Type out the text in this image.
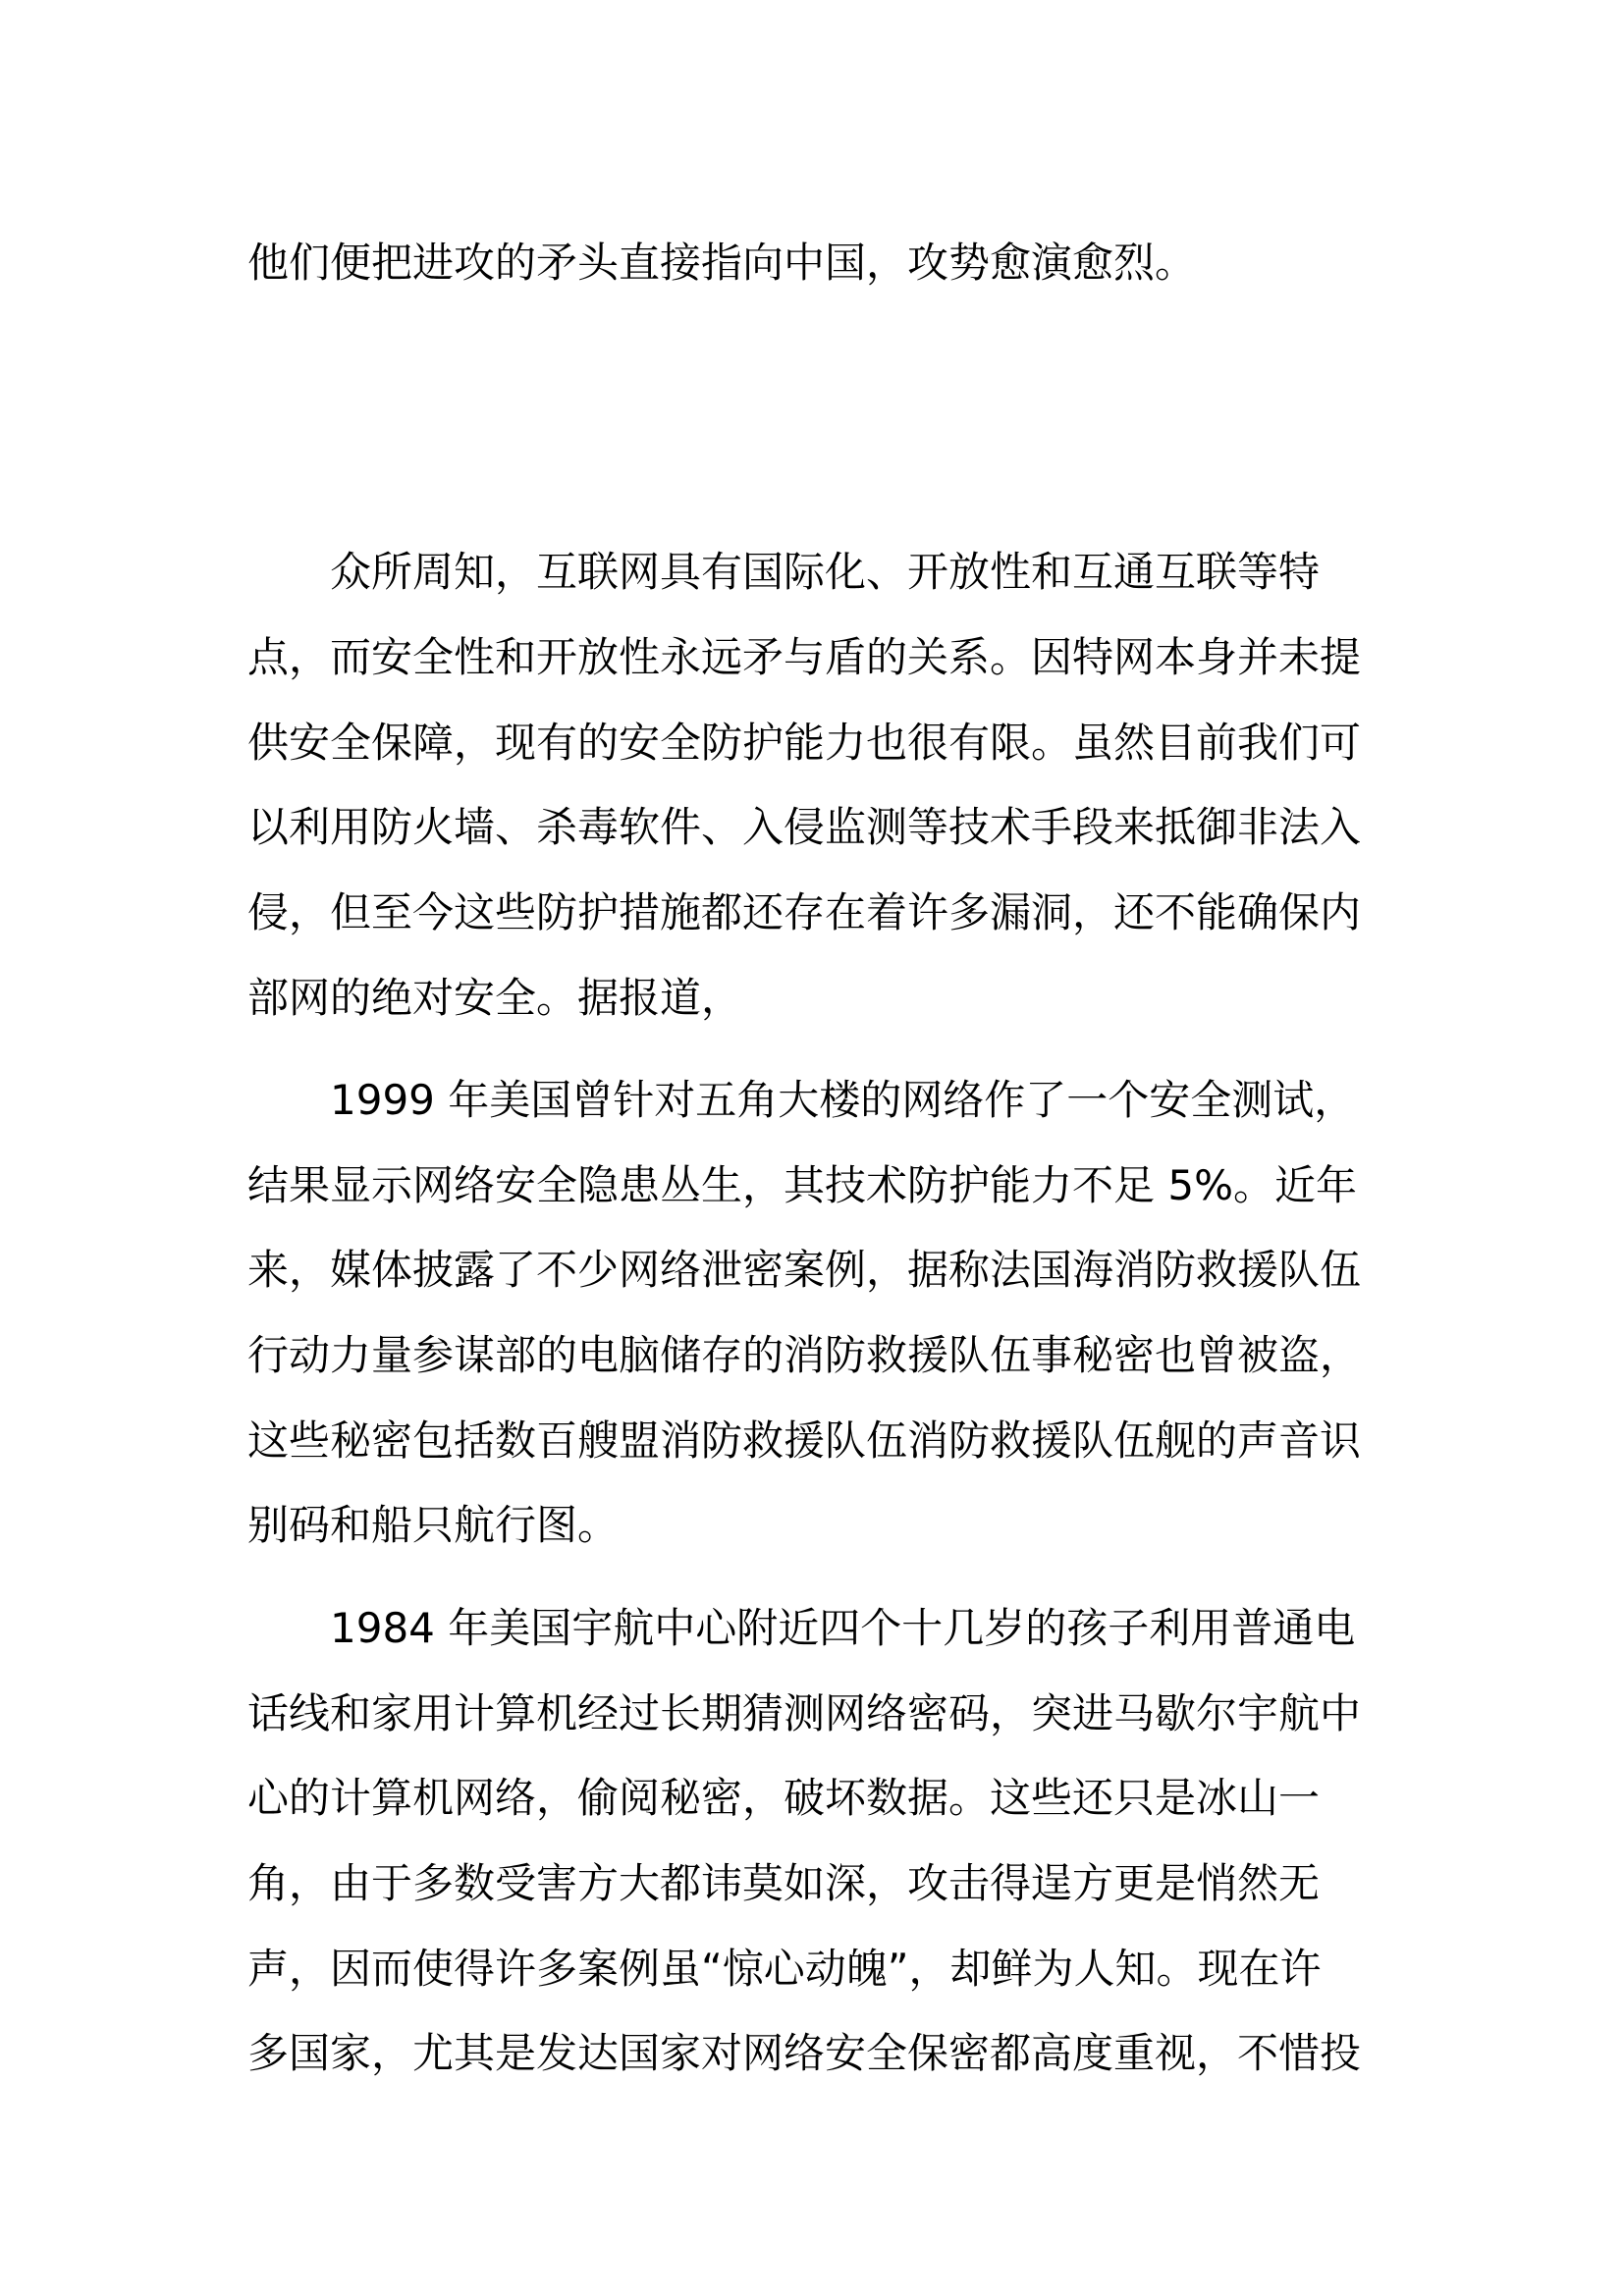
他们便把进攻的矛头直接指向中国，攻势愈演愈烈。

众所周知，互联网具有国际化、开放性和互通互联等特

点，而安全性和开放性永远矛与盾的关系。因特网本身并未提

供安全保障，现有的安全防护能力也很有限。虽然目前我们可

以利用防火墙、杀毒软件、入侵监测等技术手段来抵御非法入

侵，但至今这些防护措施都还存在着许多漏洞，还不能确保内

部网的绝对安全。据报道，

1999 年美国曾针对五角大楼的网络作了一个安全测试，

结果显示网络安全隐患丛生，其技术防护能力不足 5%。近年

来，媒体披露了不少网络泄密案例，据称法国海消防救援队伍

行动力量参谋部的电脑储存的消防救援队伍事秘密也曾被盗，

这些秘密包括数百艘盟消防救援队伍消防救援队伍舰的声音识

别码和船只航行图。

1984 年美国宇航中心附近四个十几岁的孩子利用普通电

话线和家用计算机经过长期猜测网络密码，突进马歇尔宇航中

心的计算机网络，偷阅秘密，破坏数据。这些还只是冰山一

角，由于多数受害方大都讳莫如深，攻击得逞方更是悄然无

声，因而使得许多案例虽“惊心动魄”，却鲜为人知。现在许

多国家，尤其是发达国家对网络安全保密都高度重视，不惜投
